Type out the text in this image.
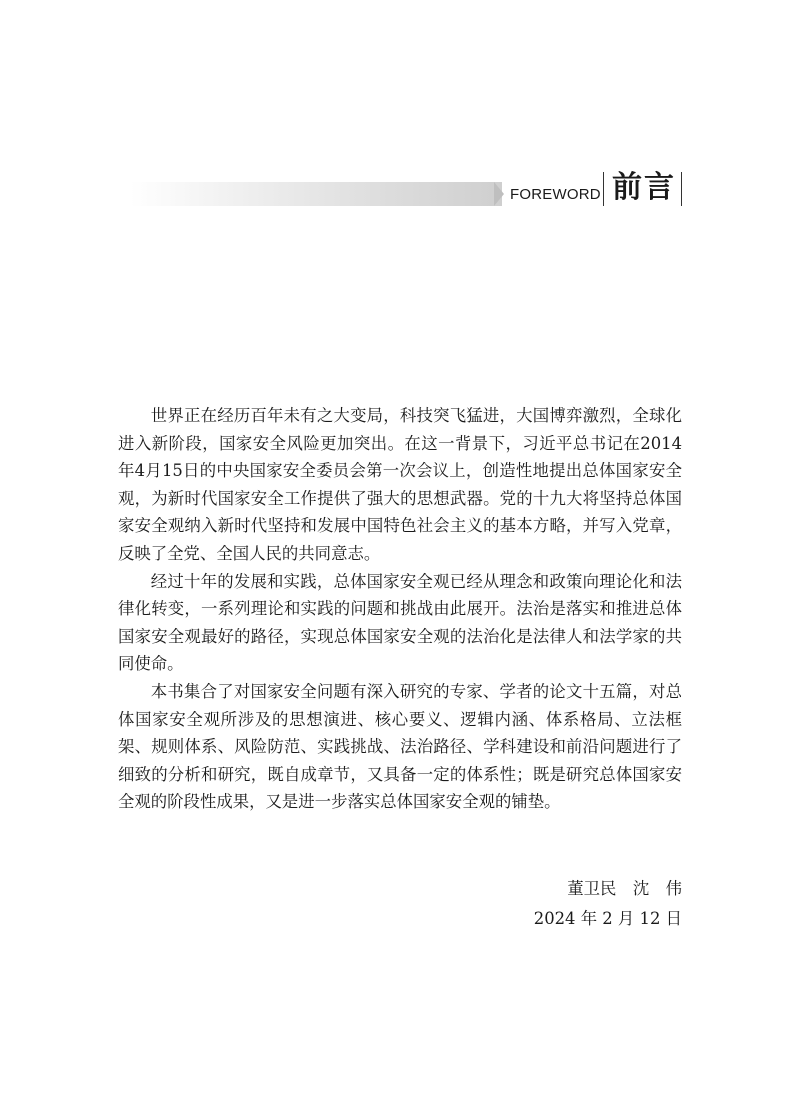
FOREWORD 前言

世界正在经历百年未有之大变局，科技突飞猛进，大国博弈激烈，全球化进入新阶段，国家安全风险更加突出。在这一背景下，习近平总书记在2014年4月15日的中央国家安全委员会第一次会议上，创造性地提出总体国家安全观，为新时代国家安全工作提供了强大的思想武器。党的十九大将坚持总体国家安全观纳入新时代坚持和发展中国特色社会主义的基本方略，并写入党章，反映了全党、全国人民的共同意志。

经过十年的发展和实践，总体国家安全观已经从理念和政策向理论化和法律化转变，一系列理论和实践的问题和挑战由此展开。法治是落实和推进总体国家安全观最好的路径，实现总体国家安全观的法治化是法律人和法学家的共同使命。

本书集合了对国家安全问题有深入研究的专家、学者的论文十五篇，对总体国家安全观所涉及的思想演进、核心要义、逻辑内涵、体系格局、立法框架、规则体系、风险防范、实践挑战、法治路径、学科建设和前沿问题进行了细致的分析和研究，既自成章节，又具备一定的体系性；既是研究总体国家安全观的阶段性成果，又是进一步落实总体国家安全观的铺垫。

董卫民　沈　伟
2024 年 2 月 12 日
